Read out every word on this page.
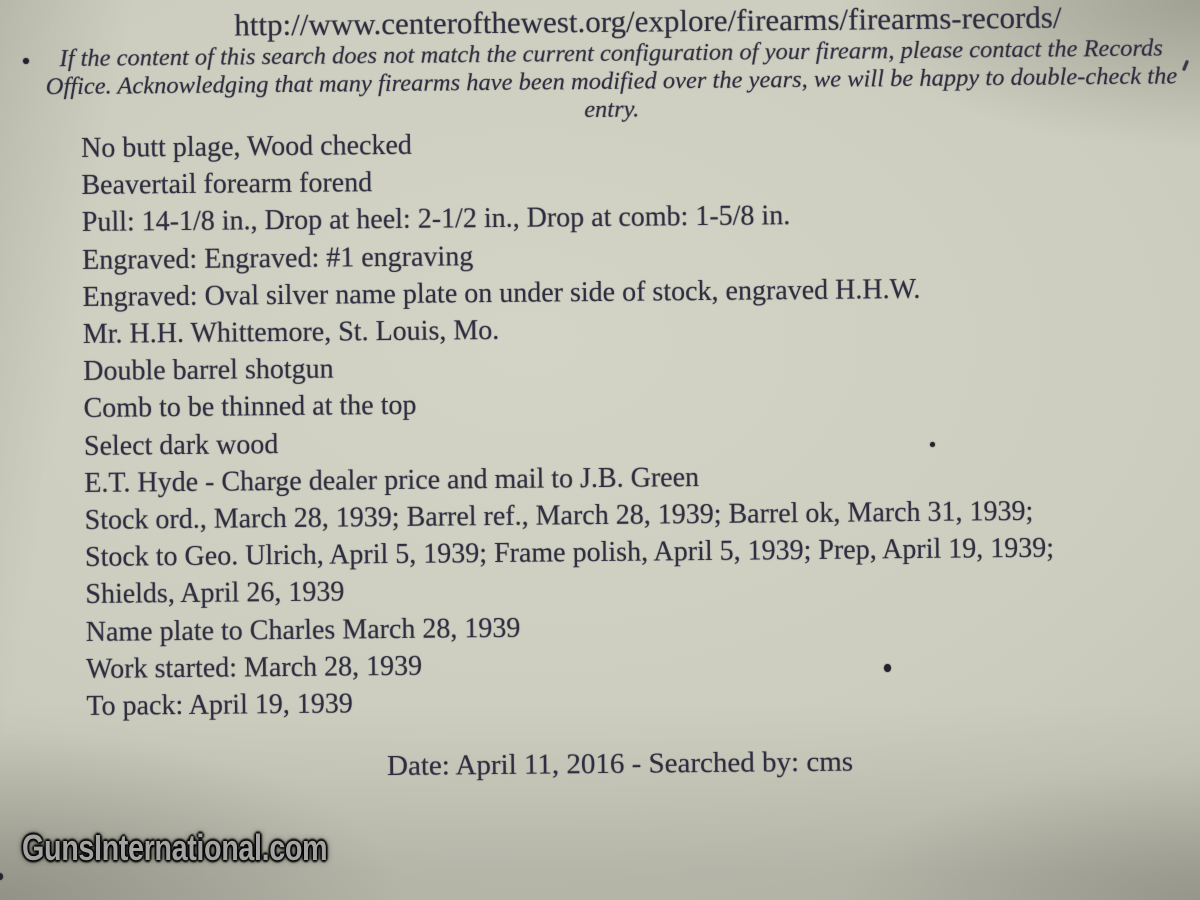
http://www.centerofthewest.org/explore/firearms/firearms-records/
If the content of this search does not match the current configuration of your firearm, please contact the Records
Office. Acknowledging that many firearms have been modified over the years, we will be happy to double-check the
entry.
No butt plage, Wood checked
Beavertail forearm forend
Pull: 14-1/8 in., Drop at heel: 2-1/2 in., Drop at comb: 1-5/8 in.
Engraved: Engraved: #1 engraving
Engraved: Oval silver name plate on under side of stock, engraved H.H.W.
Mr. H.H. Whittemore, St. Louis, Mo.
Double barrel shotgun
Comb to be thinned at the top
Select dark wood
E.T. Hyde - Charge dealer price and mail to J.B. Green
Stock ord., March 28, 1939; Barrel ref., March 28, 1939; Barrel ok, March 31, 1939;
Stock to Geo. Ulrich, April 5, 1939; Frame polish, April 5, 1939; Prep, April 19, 1939;
Shields, April 26, 1939
Name plate to Charles March 28, 1939
Work started: March 28, 1939
To pack: April 19, 1939
Date: April 11, 2016 - Searched by: cms
GunsInternational.com
